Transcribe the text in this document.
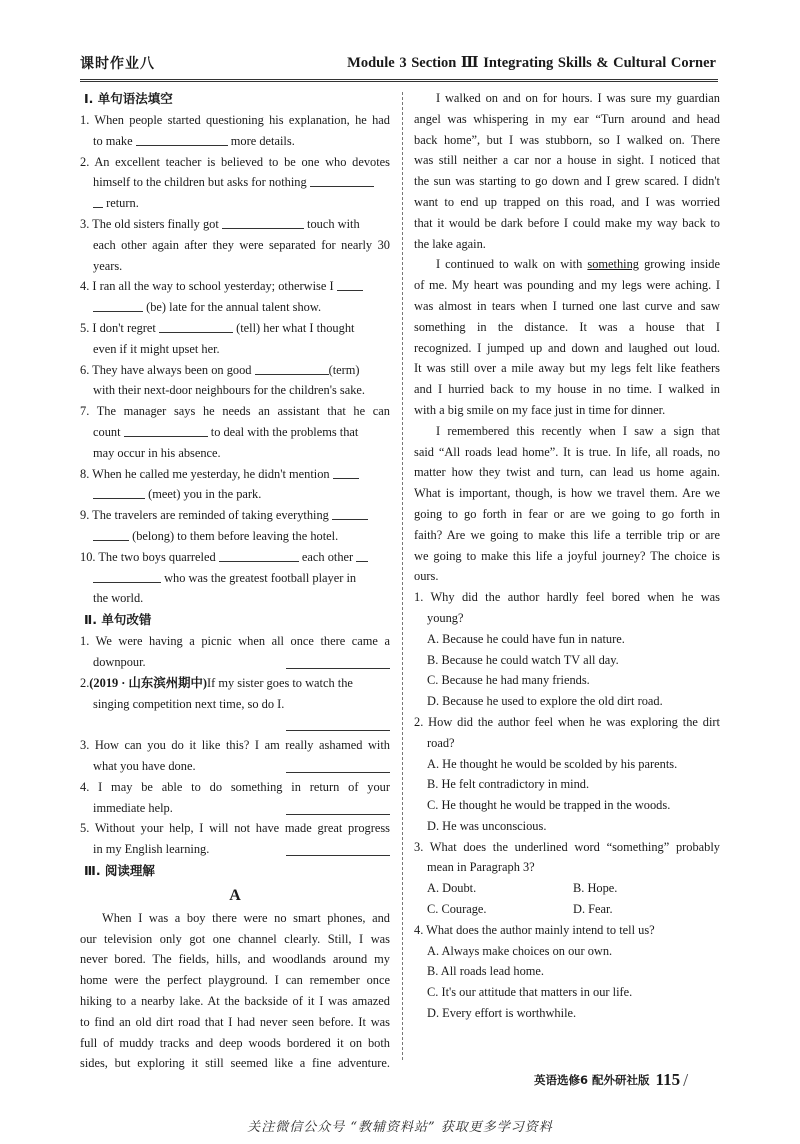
课时作业八	Module 3 Section Ⅲ Integrating Skills & Cultural Corner
Ⅰ. 单句语法填空
1. When people started questioning his explanation, he had
to make	more details.
2. An excellent teacher is believed to be one who devotes
himself to the children but asks for nothing
return.
3. The old sisters finally got	touch with
each other again after they were separated for nearly 30
years.
4. I ran all the way to school yesterday; otherwise I
(be) late for the annual talent show.
5. I don't regret	(tell) her what I thought
even if it might upset her.
6. They have always been on good	(term)
with their next-door neighbours for the children's sake.
7. The manager says he needs an assistant that he can
count	to deal with the problems that
may occur in his absence.
8. When he called me yesterday, he didn't mention
(meet) you in the park.
9. The travelers are reminded of taking everything
(belong) to them before leaving the hotel.
10. The two boys quarreled	each other
who was the greatest football player in
the world.
Ⅱ. 单句改错
1. We were having a picnic when all once there came a
downpour.
2.(2019 · 山东滨州期中)If my sister goes to watch the
singing competition next time, so do I.
3. How can you do it like this? I am really ashamed with
what you have done.
4. I may be able to do something in return of your
immediate help.
5. Without your help, I will not have made great progress
in my English learning.
Ⅲ. 阅读理解
A
When I was a boy there were no smart phones, and
our television only got one channel clearly. Still, I was
never bored. The fields, hills, and woodlands around my
home were the perfect playground. I can remember once
hiking to a nearby lake. At the backside of it I was amazed
to find an old dirt road that I had never seen before. It was
full of muddy tracks and deep woods bordered it on both
sides, but exploring it still seemed like a fine adventure.
I walked on and on for hours. I was sure my guardian
angel was whispering in my ear “Turn around and head
back home”, but I was stubborn, so I walked on. There
was still neither a car nor a house in sight. I noticed that
the sun was starting to go down and I grew scared. I didn't
want to end up trapped on this road, and I was worried
that it would be dark before I could make my way back to
the lake again.
I continued to walk on with something growing inside
of me. My heart was pounding and my legs were aching. I
was almost in tears when I turned one last curve and saw
something in the distance. It was a house that I
recognized. I jumped up and down and laughed out loud.
It was still over a mile away but my legs felt like feathers
and I hurried back to my house in no time. I walked in
with a big smile on my face just in time for dinner.
I remembered this recently when I saw a sign that
said “All roads lead home”. It is true. In life, all roads, no
matter how they twist and turn, can lead us home again.
What is important, though, is how we travel them. Are we
going to go forth in fear or are we going to go forth in
faith? Are we going to make this life a terrible trip or are
we going to make this life a joyful journey? The choice is
ours.
1. Why did the author hardly feel bored when he was
young?
A. Because he could have fun in nature.
B. Because he could watch TV all day.
C. Because he had many friends.
D. Because he used to explore the old dirt road.
2. How did the author feel when he was exploring the dirt
road?
A. He thought he would be scolded by his parents.
B. He felt contradictory in mind.
C. He thought he would be trapped in the woods.
D. He was unconscious.
3. What does the underlined word “something” probably
mean in Paragraph 3?
A. Doubt.	B. Hope.
C. Courage.	D. Fear.
4. What does the author mainly intend to tell us?
A. Always make choices on our own.
B. All roads lead home.
C. It's our attitude that matters in our life.
D. Every effort is worthwhile.
英语选修6 配外研社版 115 /
关注微信公众号 “教辅资料站” 获取更多学习资料
